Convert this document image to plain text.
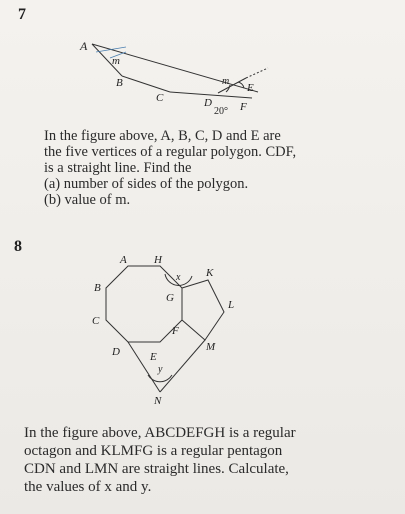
7
A
B
C	D
E
F
m
m
20°
In the figure above, A, B, C, D and E are
the five vertices of a regular polygon. CDF,
is a straight line. Find the
(a) number of sides of the polygon.
(b) value of m.
8
A H
x K
B
G
L
C
F
M
D	E
y
N
In the figure above, ABCDEFGH is a regular
octagon and KLMFG is a regular pentagon
CDN and LMN are straight lines. Calculate,
the values of x and y.
